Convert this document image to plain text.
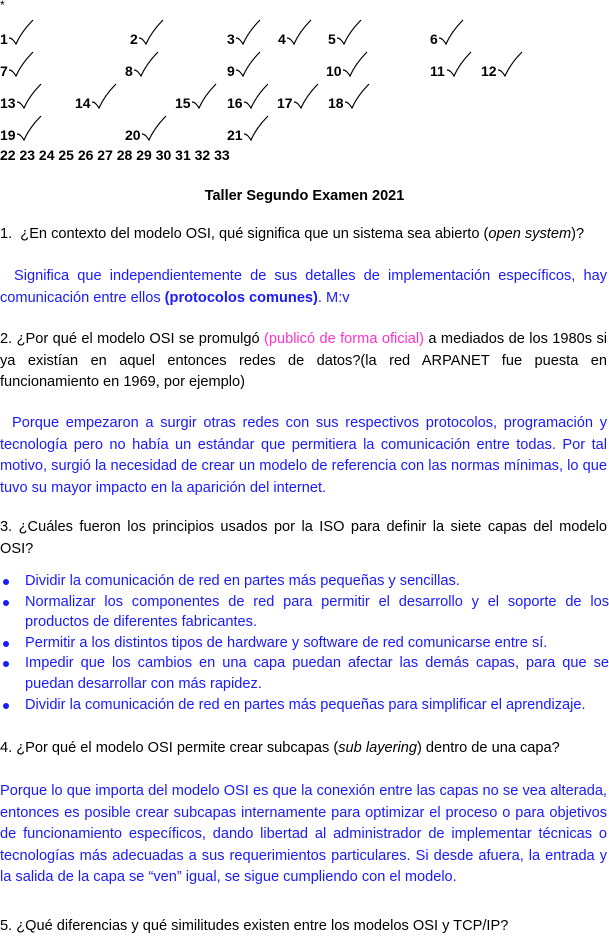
*
1	2	3	4	5	6
7	8	9	10	11	12
13	14	15	16 17	18
19	20	21
22 23 24 25 26 27 28 29 30 31 32 33
Taller Segundo Examen 2021
1. ¿En contexto del modelo OSI, qué significa que un sistema sea abierto (open system)?
Significa que independientemente de sus detalles de implementación específicos, hay comunicación entre ellos (protocolos comunes). M:v
2. ¿Por qué el modelo OSI se promulgó (publicó de forma oficial) a mediados de los 1980s si ya existían en aquel entonces redes de datos?(la red ARPANET fue puesta en funcionamiento en 1969, por ejemplo)
Porque empezaron a surgir otras redes con sus respectivos protocolos, programación y tecnología pero no había un estándar que permitiera la comunicación entre todas. Por tal motivo, surgió la necesidad de crear un modelo de referencia con las normas mínimas, lo que tuvo su mayor impacto en la aparición del internet.
3. ¿Cuáles fueron los principios usados por la ISO para definir la siete capas del modelo OSI?
Dividir la comunicación de red en partes más pequeñas y sencillas.
Normalizar los componentes de red para permitir el desarrollo y el soporte de los productos de diferentes fabricantes.
Permitir a los distintos tipos de hardware y software de red comunicarse entre sí.
Impedir que los cambios en una capa puedan afectar las demás capas, para que se puedan desarrollar con más rapidez.
Dividir la comunicación de red en partes más pequeñas para simplificar el aprendizaje.
4. ¿Por qué el modelo OSI permite crear subcapas (sub layering) dentro de una capa?
Porque lo que importa del modelo OSI es que la conexión entre las capas no se vea alterada, entonces es posible crear subcapas internamente para optimizar el proceso o para objetivos de funcionamiento específicos, dando libertad al administrador de implementar técnicas o tecnologías más adecuadas a sus requerimientos particulares. Si desde afuera, la entrada y la salida de la capa se “ven” igual, se sigue cumpliendo con el modelo.
5. ¿Qué diferencias y qué similitudes existen entre los modelos OSI y TCP/IP?
